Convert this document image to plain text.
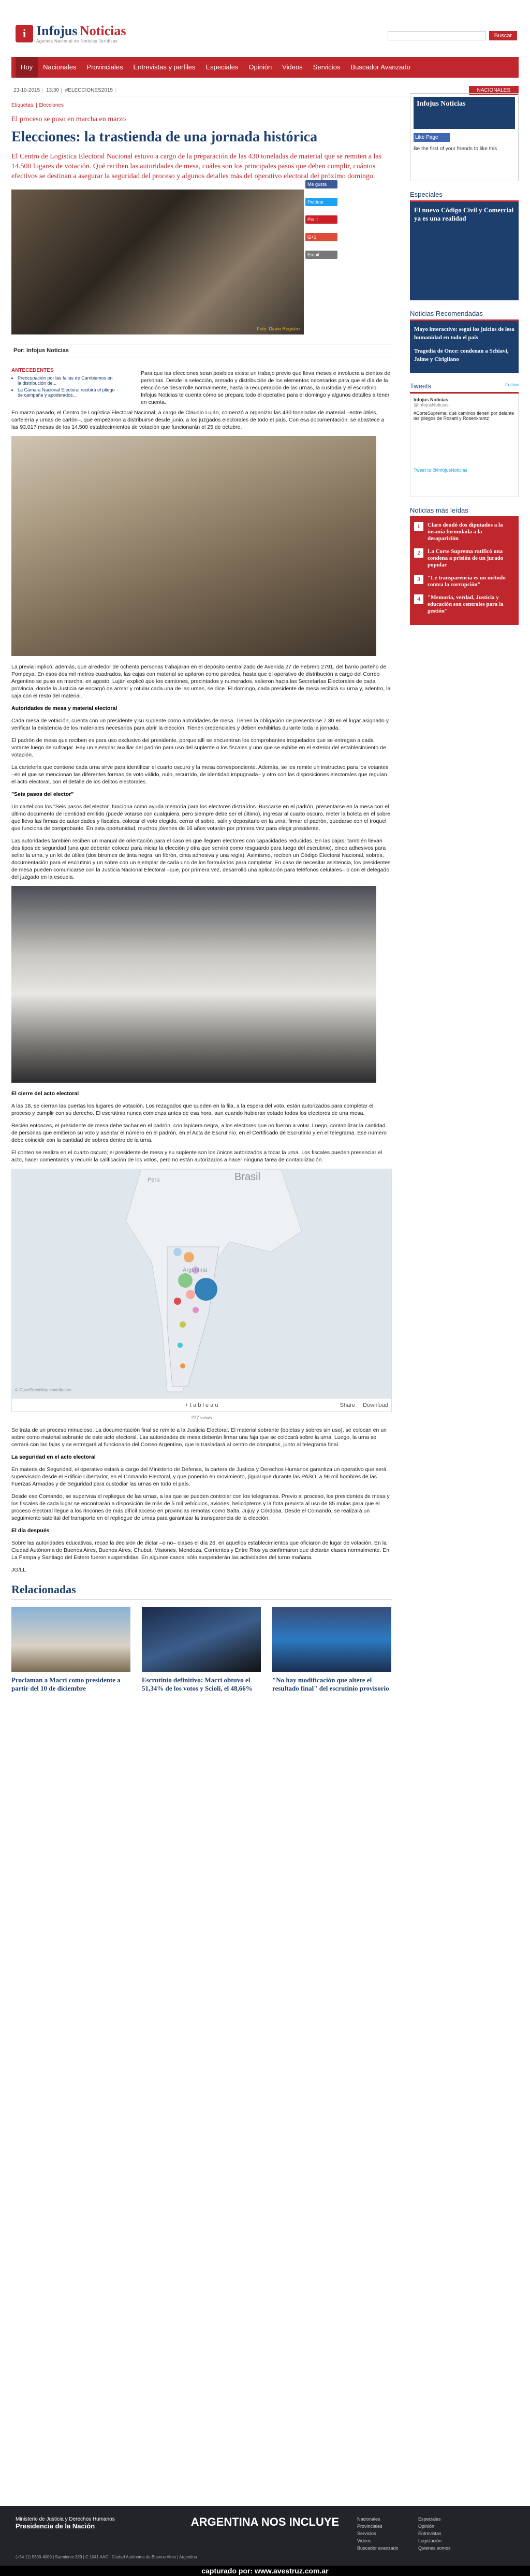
i Infojus Noticias
Agencia Nacional de Noticias Jurídicas
Buscar
Hoy	Nacionales	Provinciales	Entrevistas y perfiles	Especiales	Opinión	Videos	Servicios	Buscador Avanzado
23-10-2015 13:30 #ELECCIONES2015	NACIONALES
Etiquetas: | Elecciones
El proceso se puso en marcha en marzo
Elecciones: la trastienda de una jornada histórica
El Centro de Logística Electoral Nacional estuvo a cargo de la preparación de las 430 toneladas de material que se remiten a las 14.500 lugares de votación. Qué reciben las autoridades de mesa, cuáles son los principales pasos que deben cumplir, cuántos efectivos se destinan a asegurar la seguridad del proceso y algunos detalles más del operativo electoral del próximo domingo.
Foto: Diario Registro
Por: Infojus Noticias
ANTECEDENTES
• Preocupación por las fallas de Cambiemos en la distribución de...
• La Cámara Nacional Electoral recibirá el pliego de campaña y apoderados...

Para que las elecciones sean posibles existe un trabajo previo que lleva meses e involucra a cientos de personas. Desde la selección, armado y distribución de los elementos necesarios para que el día de la elección se desarrolle normalmente, hasta la recuperación de las urnas, la custodia y el escrutinio. Infojus Noticias te cuenta cómo se prepara todo el operativo para el domingo y algunos detalles a tener en cuenta.

En marzo pasado, el Centro de Logística Electoral Nacional, a cargo de Claudio Luján, comenzó a organizar las 430 toneladas de material –entre útiles, cartelería y urnas de cartón–, que empezaron a distribuirse desde junio, a los juzgados electorales de todo el país. Con esa documentación, se abastece a las 93.017 mesas de los 14.500 establecimientos de votación que funcionarán el 25 de octubre.

La previa implicó, además, que alrededor de ochenta personas trabajaran en el depósito centralizado de Avenida 27 de Febrero 2791, del barrio porteño de Pompeya. En esos dos mil metros cuadrados, las cajas con material se apilaron como paredes, hasta que el operativo de distribución a cargo del Correo Argentino se puso en marcha, en agosto. Luján explicó que los camiones, precintados y numerados, salieron hacia las Secretarías Electorales de cada provincia, donde la Justicia se encargó de armar y rotular cada una de las urnas, se dice. El domingo, cada presidente de mesa recibirá su urna y, adentro, la caja con el resto del material.

Autoridades de mesa y material electoral

Cada mesa de votación, cuenta con un presidente y su suplente como autoridades de mesa. Tienen la obligación de presentarse 7.30 en el lugar asignado y verificar la existencia de los materiales necesarios para abrir la elección. Tienen credenciales y deben exhibirlas durante toda la jornada.

El padrón de mesa que reciben es para uso exclusivo del presidente, porque allí se encuentran los comprobantes troquelados que se entregan a cada votante luego de sufragar. Hay un ejemplar auxiliar del padrón para uso del suplente o los fiscales y uno que se exhibe en el exterior del establecimiento de votación.

La cartelería que contiene cada urna sirve para identificar el cuarto oscuro y la mesa correspondiente. Además, se les remite un instructivo para los votantes –en el que se mencionan las diferentes formas de voto válido, nulo, recurrido, de identidad impugnada– y otro con las disposiciones electorales que regulan el acto electoral, con el detalle de los delitos electorales.

"Seis pasos del elector"

Un cartel con los "Seis pasos del elector" funciona como ayuda memoria para los electores distraídos. Buscarse en el padrón, presentarse en la mesa con el último documento de identidad emitido (puede votarse con cualquiera, pero siempre debe ser el último), ingresar al cuarto oscuro, meter la boleta en el sobre que lleva las firmas de autoridades y fiscales, colocar el voto elegido, cerrar el sobre, salir y depositarlo en la urna, firmar el padrón, quedarse con el troquel que funciona de comprobante. En esta oportunidad, muchos jóvenes de 16 años votarán por primera vez para elegir presidente.

Las autoridades también reciben un manual de orientación para el caso en que lleguen electores con capacidades reducidas. En las cajas, también llevan dos tipos de seguridad (una que deberán colocar para iniciar la elección y otra que servirá como resguardo para luego del escrutinio), cinco adhesivos para sellar la urna, y un kit de útiles (dos biromes de tinta negra, un fibrón, cinta adhesiva y una regla). Asimismo, reciben un Código Electoral Nacional, sobres, documentación para el escrutinio y un sobre con un ejemplar de cada uno de los formularios para completar. En caso de necesitar asistencia, los presidentes de mesa pueden comunicarse con la Justicia Nacional Electoral –que, por primera vez, desarrolló una aplicación para teléfonos celulares– o con el delegado del juzgado en la escuela.

El cierre del acto electoral

A las 18, se cierran las puertas los lugares de votación. Los rezagados que queden en la fila, a la espera del voto, están autorizados para completar el proceso y cumplir con su derecho. El escrutinio nunca comienza antes de esa hora, aun cuando hubieran votado todos los electores de una mesa.

Recién entonces, el presidente de mesa debe tachar en el padrón, con lapicera negra, a los electores que no fueron a votar. Luego, contabilizar la cantidad de personas que emitieron su voto y asentar el número en el padrón, en el Acta de Escrutinio, en el Certificado de Escrutinio y en el telegrama. Ese número debe coincidir con la cantidad de sobres dentro de la urna.

El conteo se realiza en el cuarto oscuro; el presidente de mesa y su suplente son los únicos autorizados a tocar la urna. Los fiscales pueden presenciar el acto, hacer comentarios y recurrir la calificación de los votos, pero no están autorizados a hacer ninguna tarea de contabilización.

Perú	Brasil
Argentina
© OpenStreetMap contributors
+ t a b l e a u	Share Download
277 views

Se trata de un proceso minucioso. La documentación final se remite a la Justicia Electoral. El material sobrante (boletas y sobres sin uso), se colocan en un sobre como material sobrante de este acto electoral. Las autoridades de mesa deberán firmar una faja que se colocará sobre la urna. Luego, la urna se cerrará con las fajas y se entregará al funcionario del Correo Argentino, que la trasladará al centro de cómputos, junto al telegrama final.

La seguridad en el acto electoral

En materia de Seguridad, el operativo estará a cargo del Ministerio de Defensa, la cartera de Justicia y Derechos Humanos garantiza un operativo que será supervisado desde el Edificio Libertador, en el Comando Electoral, y que ponerán en movimiento, (igual que durante las PASO, a 96 mil hombres de las Fuerzas Armadas y de Seguridad para custodiar las urnas en todo el país.

Desde ese Comando, se supervisa el repliegue de las urnas, a las que se pueden controlar con los telegramas. Previo al proceso, los presidentes de mesa y los fiscales de cada lugar se encontrarán a disposición de más de 5 mil vehículos, aviones, helicópteros y la flota prevista al uso de 85 mulas para que el proceso electoral llegue a los rincones de más difícil acceso en provincias remotas como Salta, Jujuy y Córdoba. Desde el Comando, se realizará un seguimiento satelital del transporte en el repliegue de urnas para garantizar la transparencia de la elección.

El día después

Sobre las autoridades educativas, recae la decisión de dictar –o no– clases el día 26, en aquellos establecimientos que oficiaron de lugar de votación. En la Ciudad Autónoma de Buenos Aires, Buenos Aires, Chubut, Misiones, Mendoza, Corrientes y Entre Ríos ya confirmaron que dictarán clases normalmente. En La Pampa y Santiago del Estero fueron suspendidas. En algunos casos, sólo suspenderán las actividades del turno mañana.

JG/LL

Relacionadas
Proclaman a Macri como presidente a partir del 10 de diciembre
Escrutinio definitivo: Macri obtuvo el 51,34% de los votos y Scioli, el 48,66%
"No hay modificación que altere el resultado final" del escrutinio provisorio
Me gusta
Twittear
Pin it
G+1
Email
Infojus Noticias
Like Page
Be the first of your friends to like this
Especiales

El nuevo Código Civil y Comercial ya es una realidad

Noticias Recomendadas

Mayo interactivo: seguí los juicios de lesa humanidad en todo el país

Tragedia de Once: condenan a Schiavi, Jaime y Cirigliano

Tweets	Follow
Infojus Noticias
@InfojusNoticias
#CorteSuprema: qué caminos tienen por delante las pliegos de Rosatti y Rosenkrantz
Tweet to @InfojusNoticias
Noticias más leídas
1	Claro deudó dos diputados a la insania formulada a la desaparición
2	La Corte Suprema ratificó una condena a prisión de un jurado popular
3	"Le transparencia es un método contra la corrupción"
4	"Memoria, verdad, Justicia y educación son centrales para la gestión"
Ministerio de Justicia y Derechos Humanos
Presidencia de la Nación	ARGENTINA NOS INCLUYE	Nacionales	Especiales
Provinciales	Opinión
Servicios	Entrevistas
Videos	Legislación
Buscador avanzado	Quienes somos
(+54 11) 5300-4000 | Sarmiento 329 | C 1041 AAG | Ciudad Autónoma de Buenos Aires | Argentina
capturado por: www.avestruz.com.ar
